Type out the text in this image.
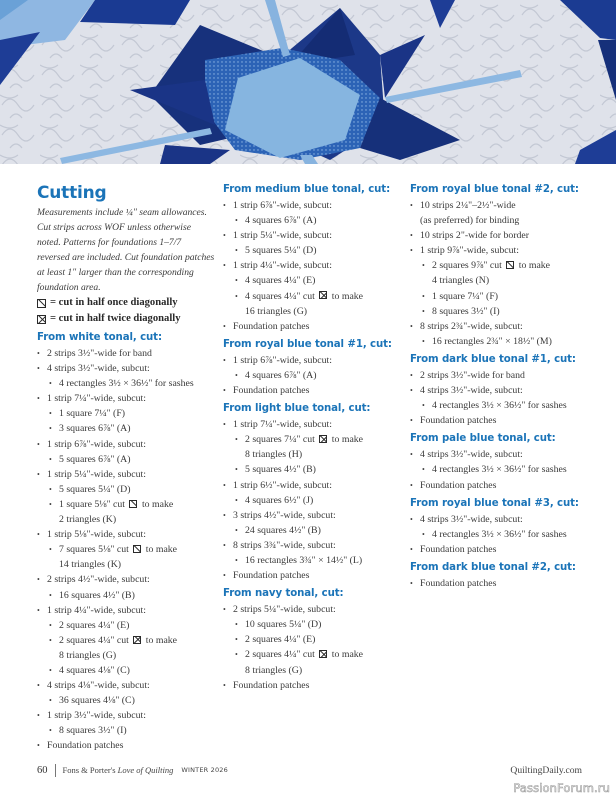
Cutting

Measurements include ¼" seam allowances. Cut strips across WOF unless otherwise noted. Patterns for foundations 1–7/7 reversed are included. Cut foundation patches at least 1" larger than the corresponding foundation area.

= cut in half once diagonally
= cut in half twice diagonally
From white tonal, cut:
• 2 strips 3½"-wide for band
• 4 strips 3½"-wide, subcut:
• 4 rectangles 3½ × 36½" for sashes
• 1 strip 7¼"-wide, subcut:
• 1 square 7¼" (F)
• 3 squares 6⅞" (A)
• 1 strip 6⅞"-wide, subcut:
• 5 squares 6⅞" (A)
• 1 strip 5¼"-wide, subcut:
• 5 squares 5¼" (D)
• 1 square 5⅛" cut to make
2 triangles (K)
• 1 strip 5⅛"-wide, subcut:
• 7 squares 5⅛" cut to make
14 triangles (K)
• 2 strips 4½"-wide, subcut:
• 16 squares 4½" (B)
• 1 strip 4¼"-wide, subcut:
• 2 squares 4¼" (E)
• 2 squares 4¼" cut to make
8 triangles (G)
• 4 squares 4⅛" (C)
• 4 strips 4⅛"-wide, subcut:
• 36 squares 4⅛" (C)
• 1 strip 3½"-wide, subcut:
• 8 squares 3½" (I)
• Foundation patches
From medium blue tonal, cut:
• 1 strip 6⅞"-wide, subcut:
• 4 squares 6⅞" (A)
• 1 strip 5¼"-wide, subcut:
• 5 squares 5¼" (D)
• 1 strip 4¼"-wide, subcut:
• 4 squares 4¼" (E)
• 4 squares 4¼" cut to make
16 triangles (G)
• Foundation patches
From royal blue tonal #1, cut:
• 1 strip 6⅞"-wide, subcut:
• 4 squares 6⅞" (A)
• Foundation patches
From light blue tonal, cut:
• 1 strip 7¼"-wide, subcut:
• 2 squares 7¼" cut to make
8 triangles (H)
• 5 squares 4½" (B)
• 1 strip 6½"-wide, subcut:
• 4 squares 6½" (J)
• 3 strips 4½"-wide, subcut:
• 24 squares 4½" (B)
• 8 strips 3¾"-wide, subcut:
• 16 rectangles 3¾" × 14½" (L)
• Foundation patches
From navy tonal, cut:
• 2 strips 5¼"-wide, subcut:
• 10 squares 5¼" (D)
• 2 squares 4¼" (E)
• 2 squares 4¼" cut to make
8 triangles (G)
• Foundation patches
From royal blue tonal #2, cut:
• 10 strips 2¼"–2½"-wide
(as preferred) for binding
• 10 strips 2"-wide for border
• 1 strip 9⅞"-wide, subcut:
• 2 squares 9⅞" cut to make
4 triangles (N)
• 1 square 7¼" (F)
• 8 squares 3½" (I)
• 8 strips 2¾"-wide, subcut:
• 16 rectangles 2¾" × 18½" (M)
From dark blue tonal #1, cut:
• 2 strips 3½"-wide for band
• 4 strips 3½"-wide, subcut:
• 4 rectangles 3½ × 36½" for sashes
• Foundation patches
From pale blue tonal, cut:
• 4 strips 3½"-wide, subcut:
• 4 rectangles 3½ × 36½" for sashes
• Foundation patches
From royal blue tonal #3, cut:
• 4 strips 3½"-wide, subcut:
• 4 rectangles 3½ × 36½" for sashes
• Foundation patches
From dark blue tonal #2, cut:
• Foundation patches
60 Fons & Porter's Love of Quilting WINTER 2026	QuiltingDaily.com
PassionForum.ru
